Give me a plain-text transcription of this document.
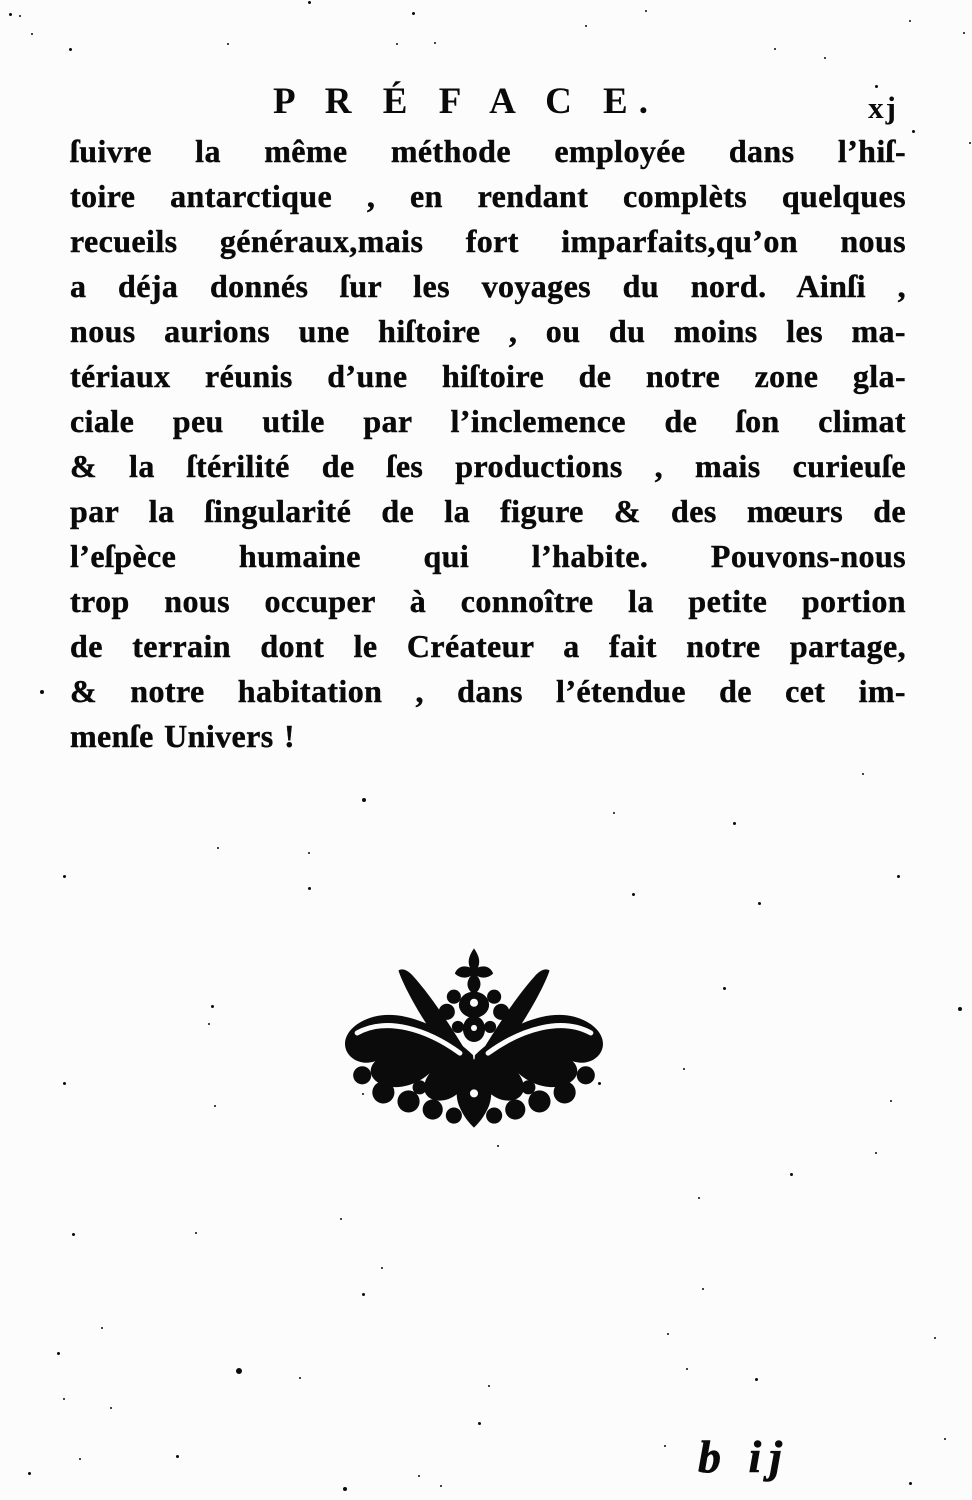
P R É F A C E.	xj
ſuivre la même méthode employée dans l’hiſ-
toire antarctique , en rendant complèts quelques
recueils généraux,mais fort imparfaits,qu’on nous
a déja donnés ſur les voyages du nord. Ainſi ,
nous aurions une hiſtoire , ou du moins les ma-
tériaux réunis d’une hiſtoire de notre zone gla-
ciale peu utile par l’inclemence de ſon climat
& la ſtérilité de ſes productions , mais curieuſe
par la ſingularité de la figure & des mœurs de
l’eſpèce humaine qui l’habite. Pouvons-nous
trop nous occuper à connoître la petite portion
de terrain dont le Créateur a fait notre partage,
& notre habitation , dans l’étendue de cet im-
menſe Univers !
b ij
